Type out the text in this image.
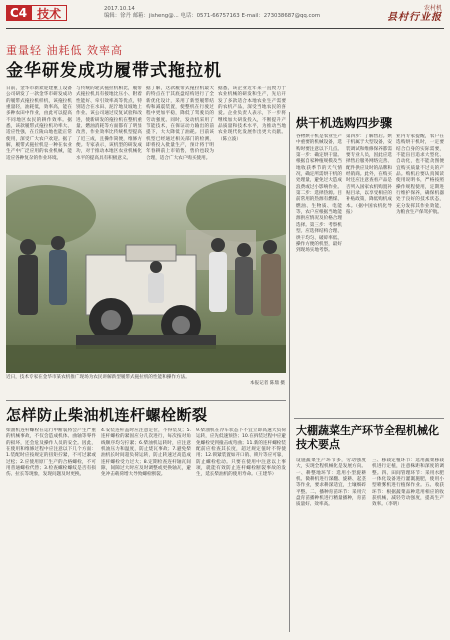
C4 技术	2017.10.14
编辑：徐丹 邮箱：jisheng@... 电话：0571-66757163 E-mail：273038687@qq.com
农村机
县村行业报
重量轻 油耗低 效率高
金华研发成功履带式拖拉机
日前，金华市新欢迎建重工设备公司研发了一款金华市研发成功的履带式拖拉机样机，该拖拉机重量轻，油耗低，效率高，能在多种农田中作业，由此可以提高不同地区农民的耕作效率。据悉，该款履带式拖拉机功率大、适应性强，在丘陵山地也能正常使用，深受广大农户欢迎。据了解，履带式拖拉机是一种在农业生产中广泛应用的农业机械，能适应各种复杂的作业环境。
与传统的轮式拖拉机相比，履带式拖拉机具有接地比压小、附着性能好、牵引效率高等优点，特别适合在水田、泥泞地及坡地上作业。该公司通过反复试验和改进，使新研发的拖拉机在整机重量、燃油消耗等方面都有了明显改善，作业效率比传统机型提高了近三成，且操作简便，维修方便。专家表示，该机型的研发成功，对于推动本地区农业机械化水平的提高具有积极意义。
据了解，这款履带式拖拉机最大的特点在于其底盘结构进行了全新优化设计，采用了新型履带结构和减震装置，使整机在行驶过程中更加平稳，降低了驾驶员的劳动强度。同时，发动机采用了节能技术，在保证动力输出的前提下，大大降低了油耗。目前该机型已经通过相关部门的检测，即将投入批量生产，预计将于明年春耕前上市销售，售价也较为合理，适合广大农户购买使用。
据悉，该企业近年来一直致力于农业机械的研发和生产，先后开发了多款适合本地农业生产需要的农机产品，深受当地农民的喜爱。企业负责人表示，下一步将继续加大研发投入，不断提升产品质量和技术水平，为推动当地农业现代化发展作出更大贡献。（陈立波）
近日，技术专家在金华市某农机推广现场为农民讲解新型履带式拖拉机的性能和操作方法。
本报记者 陈鼎 摄
怎样防止柴油机连杆螺栓断裂
柴油机连杆螺栓在运行中断裂将会产生严重的机械事故，不仅会造成机体、曲轴等零件的损坏，还会危及操作人员的安全。因此，在使用和维修过程中应注意以下几个方面：1.装配时应按规定的扭矩拧紧，不可过紧或过松；2.应使用原厂生产的合格螺栓，不可用普通螺栓代替；3.检查螺栓螺纹是否有损伤、拉长等现象，发现问题及时更换。
4.安装连杆盖时应注意定位，不得装反；5.连杆螺栓的紧固应分几次进行，每次按对角线顺序均匀拧紧；6.柴油机运转时，应注意机油压力和温度，防止烧瓦事故；7.避免柴油机长时间超负荷运转，防止转速过高造成连杆螺栓受力过大；8.定期检查连杆轴瓦间隙，间隙过大时应及时调整或更换轴瓦，避免冲击载荷增大导致螺栓断裂。
9.柴油机在冷车状态下不宜立即高速大负荷运转，应先低速预热；10.在拆装过程中应避免螺栓受到撞击或弯曲；11.新的连杆螺栓装配前应检查其长度，超过规定值时不得使用；12.锁紧装置如开口销、锁片等应可靠，防止螺栓松动。只要在使用中注意以上事项，就能有效防止连杆螺栓断裂事故的发生，延长柴油机的使用寿命。（王建华）
烘干机选购四步骤
谷物烘干机是农业生产中重要的机械设备，选购时要注意以下几点。第一步：确定烘干量。根据自家种植规模及当地收获季节的天气情况，确定所需烘干机的处理量，避免过大造成浪费或过小影响作业。第二步：选择热源。目前常用的热源有燃煤、燃油、生物质、电能等，农户应根据当地能源供应情况及价格合理选择。第三步：考察机型。应选择结构合理、烘干均匀、破碎率低、操作方便的机型，最好到现场实地考察。
第四步：了解售后。烘干机属于大型设备，安装调试和维修保养都需要专业人员，因此应选择售后服务网络完善、配件供应及时的品牌和经销商。此外，在购买时还应注意查看产品是否列入国家农机购置补贴目录，以享受相应的补贴政策，降低购机成本。（据中国农机化导报）
业内专家提醒，农户在选购烘干机时，一定要结合自身的实际需要，不能盲目追求大型化、自动化，也不能贪图便宜购买质量不过关的产品。购机后要认真阅读使用说明书，严格按照操作规程使用，定期进行维护保养，确保机器处于良好的技术状态，充分发挥其作业效能，为粮食生产保驾护航。
大棚蔬菜生产环节全程机械化技术要点
设施蔬菜生产环节多，劳动强度大，实现全程机械化是发展方向。一、耕整地环节：选用小型旋耕机、微耕机进行深翻、旋耕、起垄等作业，要求耕深适宜，土壤细碎平整。二、播种育苗环节：采用穴盘育苗播种机进行精量播种，育苗质量好、效率高。
三、移栽定植环节：选用蔬菜移栽机进行定植，注意株距和深度的调整。四、田间管理环节：采用水肥一体化设备进行灌溉施肥，使用小型喷雾机进行植保作业。五、收获环节：根据蔬菜品种选用相应的收获机械，减轻劳动强度，提高生产效率。（李明）
